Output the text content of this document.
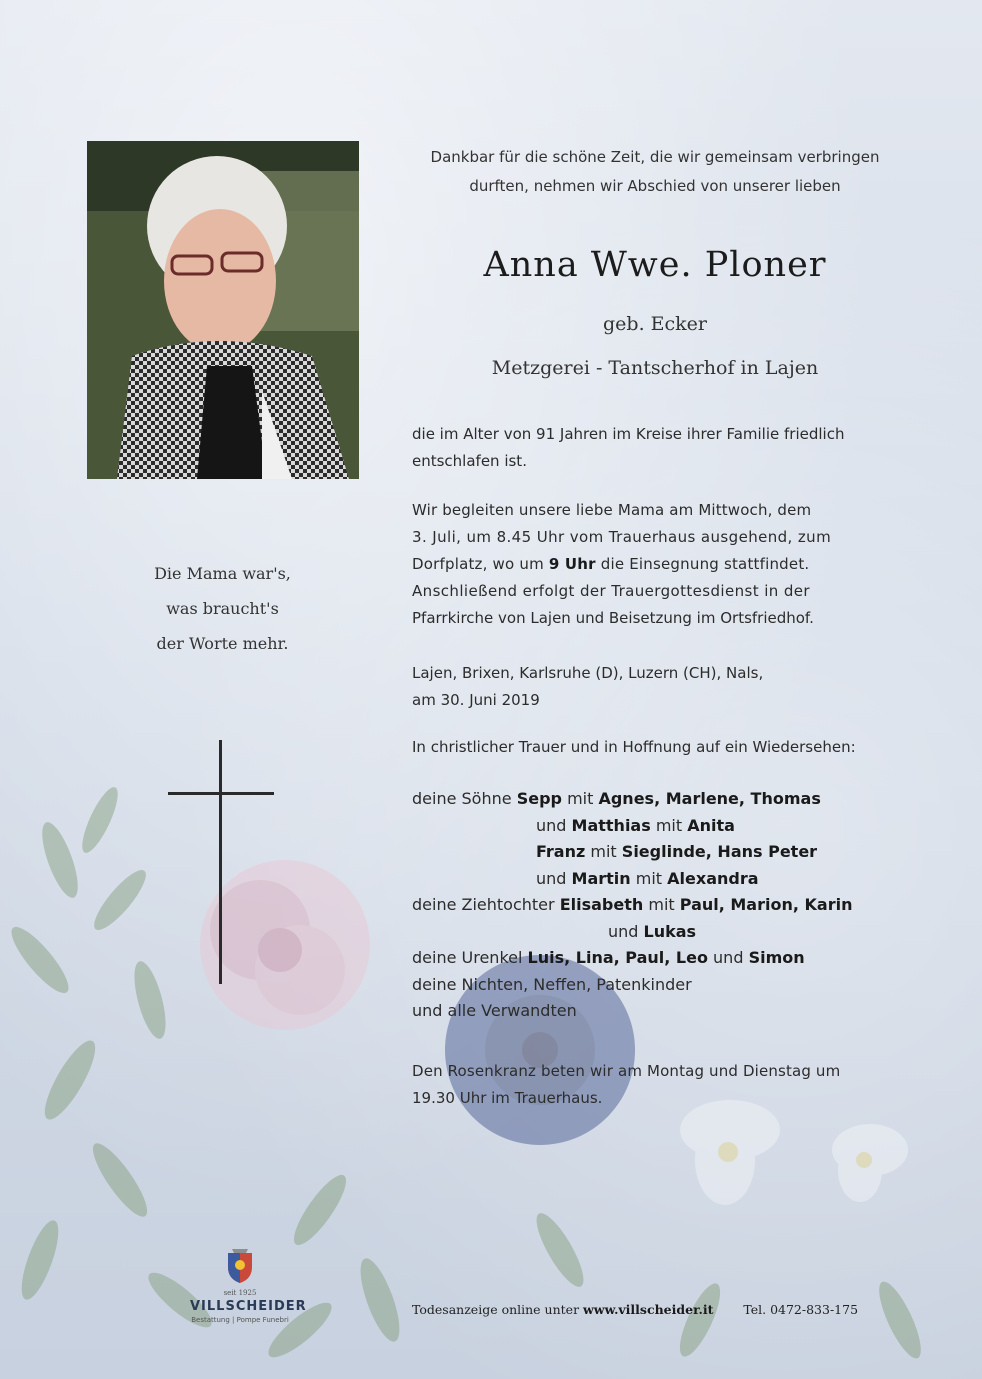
Die Mama war's,
was braucht's
der Worte mehr.
Dankbar für die schöne Zeit, die wir gemeinsam verbringen
durften, nehmen wir Abschied von unserer lieben
Anna Wwe. Ploner
geb. Ecker
Metzgerei - Tantscherhof in Lajen
die im Alter von 91 Jahren im Kreise ihrer Familie friedlich
entschlafen ist.
Wir begleiten unsere liebe Mama am Mittwoch, dem
3. Juli, um 8.45 Uhr vom Trauerhaus ausgehend, zum
Dorfplatz, wo um 9 Uhr die Einsegnung stattfindet.
Anschließend erfolgt der Trauergottesdienst in der
Pfarrkirche von Lajen und Beisetzung im Ortsfriedhof.
Lajen, Brixen, Karlsruhe (D), Luzern (CH), Nals,
am 30. Juni 2019
In christlicher Trauer und in Hoffnung auf ein Wiedersehen:
deine Söhne Sepp mit Agnes, Marlene, Thomas
und Matthias mit Anita
Franz mit Sieglinde, Hans Peter
und Martin mit Alexandra
deine Ziehtochter Elisabeth mit Paul, Marion, Karin
und Lukas
deine Urenkel Luis, Lina, Paul, Leo und Simon
deine Nichten, Neffen, Patenkinder
und alle Verwandten
Den Rosenkranz beten wir am Montag und Dienstag um
19.30 Uhr im Trauerhaus.
seit 1925
VILLSCHEIDER
Bestattung | Pompe Funebri
Todesanzeige online unter www.villscheider.it Tel. 0472-833-175
